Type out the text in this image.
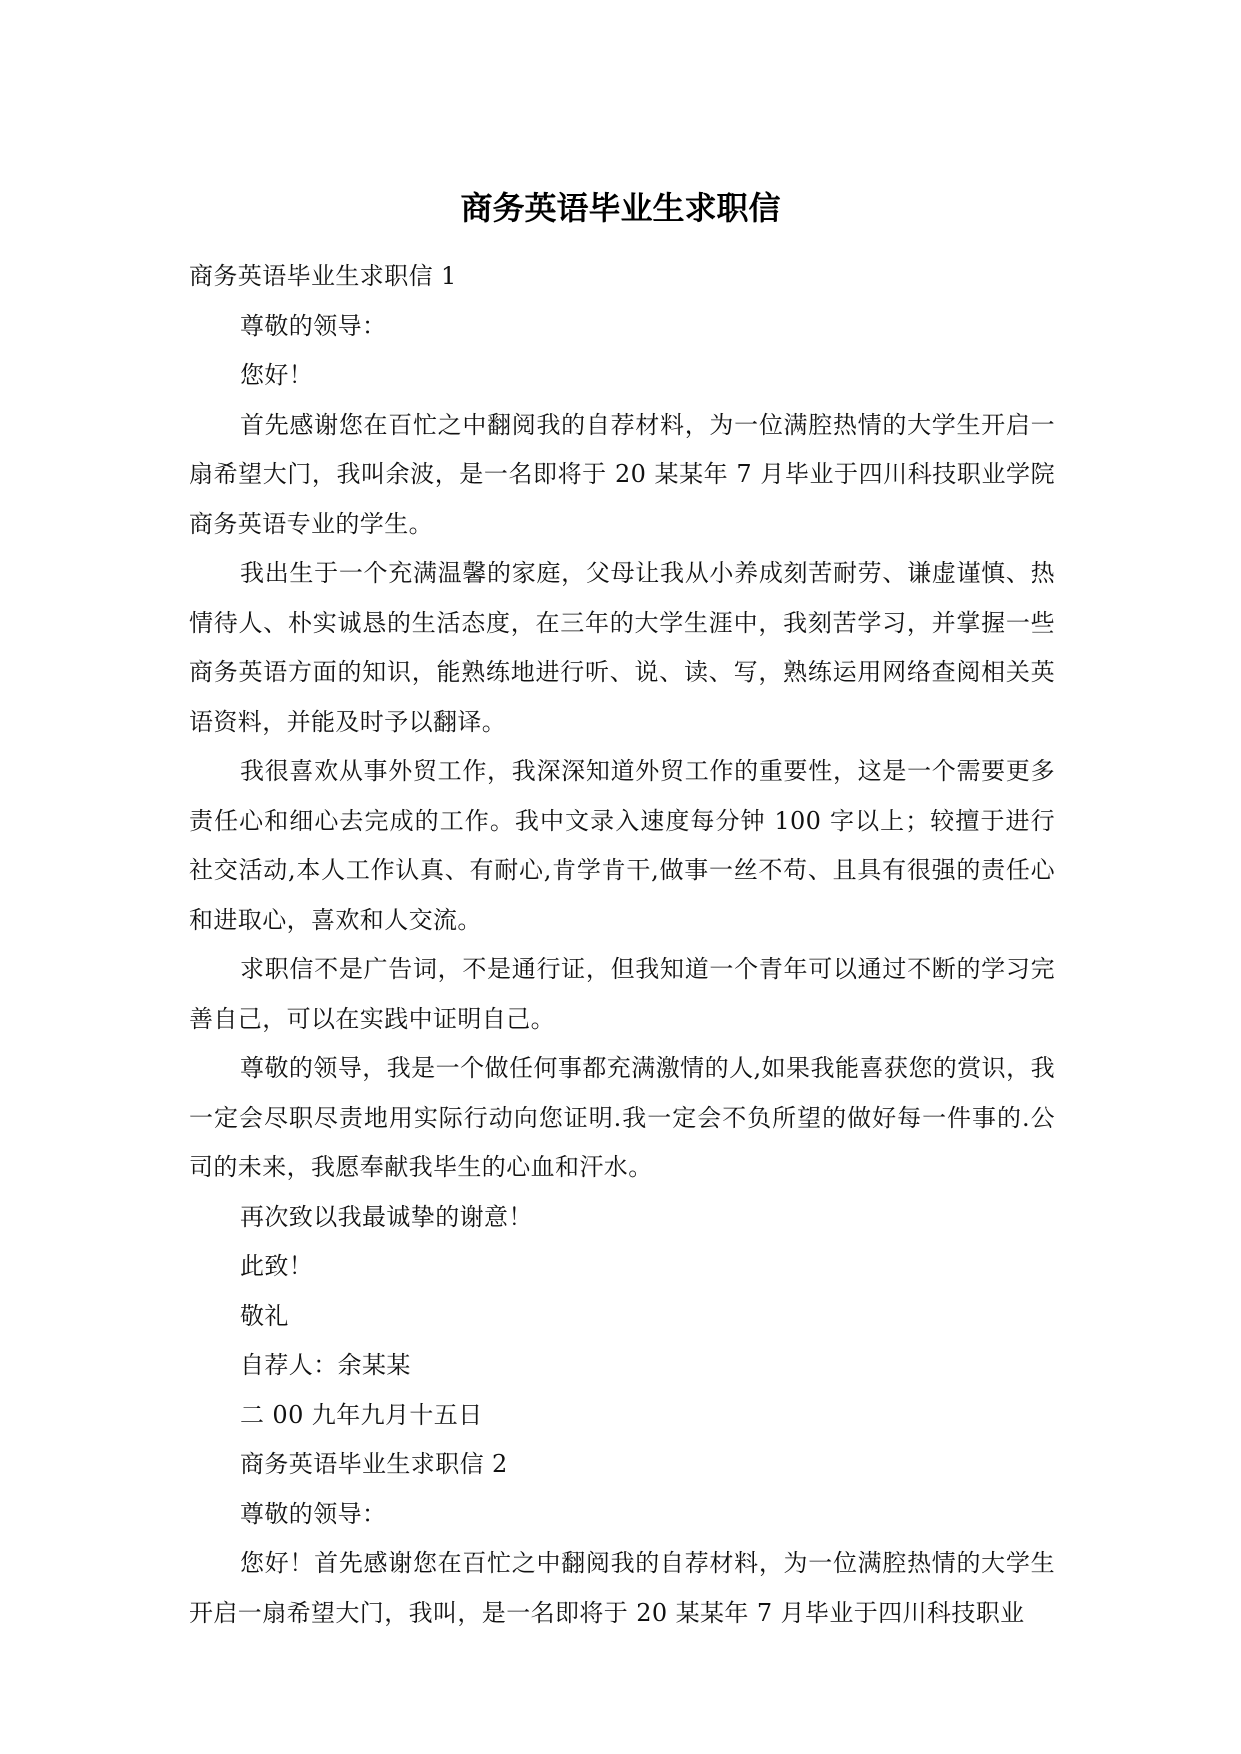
商务英语毕业生求职信

商务英语毕业生求职信 1

尊敬的领导：

您好！

首先感谢您在百忙之中翻阅我的自荐材料，为一位满腔热情的大学生开启一扇希望大门，我叫余波，是一名即将于 20 某某年 7 月毕业于四川科技职业学院商务英语专业的学生。

我出生于一个充满温馨的家庭，父母让我从小养成刻苦耐劳、谦虚谨慎、热情待人、朴实诚恳的生活态度，在三年的大学生涯中，我刻苦学习，并掌握一些商务英语方面的知识，能熟练地进行听、说、读、写，熟练运用网络查阅相关英语资料，并能及时予以翻译。

我很喜欢从事外贸工作，我深深知道外贸工作的重要性，这是一个需要更多责任心和细心去完成的工作。我中文录入速度每分钟 100 字以上；较擅于进行社交活动,本人工作认真、有耐心,肯学肯干,做事一丝不苟、且具有很强的责任心和进取心，喜欢和人交流。

求职信不是广告词，不是通行证，但我知道一个青年可以通过不断的学习完善自己，可以在实践中证明自己。

尊敬的领导，我是一个做任何事都充满激情的人,如果我能喜获您的赏识，我一定会尽职尽责地用实际行动向您证明.我一定会不负所望的做好每一件事的.公司的未来，我愿奉献我毕生的心血和汗水。

再次致以我最诚挚的谢意！

此致！

敬礼

自荐人：余某某

二 00 九年九月十五日

商务英语毕业生求职信 2

尊敬的领导：

您好！首先感谢您在百忙之中翻阅我的自荐材料，为一位满腔热情的大学生开启一扇希望大门，我叫，是一名即将于 20 某某年 7 月毕业于四川科技职业
